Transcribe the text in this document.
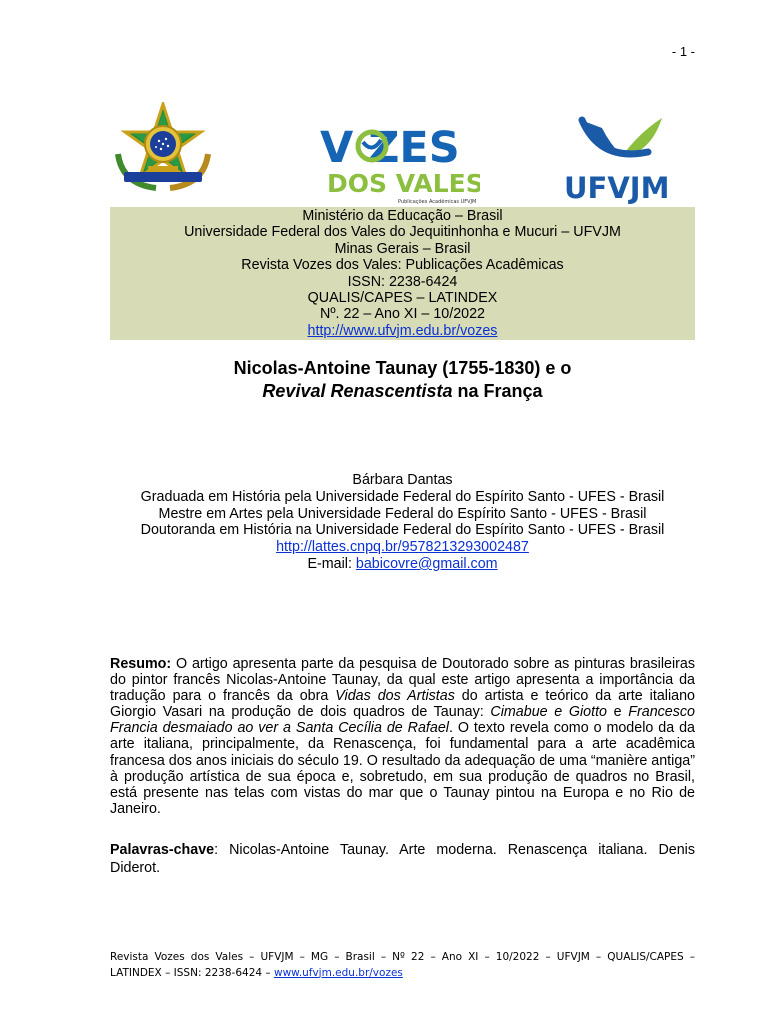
- 1 -
V ZES
DOS VALES
Publicações Acadêmicas UFVJM	UFVJM
Ministério da Educação – Brasil
Universidade Federal dos Vales do Jequitinhonha e Mucuri – UFVJM
Minas Gerais – Brasil
Revista Vozes dos Vales: Publicações Acadêmicas
ISSN: 2238-6424
QUALIS/CAPES – LATINDEX
Nº. 22 – Ano XI – 10/2022
http://www.ufvjm.edu.br/vozes
Nicolas-Antoine Taunay (1755-1830) e o
Revival Renascentista na França
Bárbara Dantas
Graduada em História pela Universidade Federal do Espírito Santo - UFES - Brasil
Mestre em Artes pela Universidade Federal do Espírito Santo - UFES - Brasil
Doutoranda em História na Universidade Federal do Espírito Santo - UFES - Brasil
http://lattes.cnpq.br/9578213293002487
E-mail: babicovre@gmail.com
Resumo: O artigo apresenta parte da pesquisa de Doutorado sobre as pinturas brasileiras do pintor francês Nicolas-Antoine Taunay, da qual este artigo apresenta a importância da tradução para o francês da obra Vidas dos Artistas do artista e teórico da arte italiano Giorgio Vasari na produção de dois quadros de Taunay: Cimabue e Giotto e Francesco Francia desmaiado ao ver a Santa Cecília de Rafael. O texto revela como o modelo da da arte italiana, principalmente, da Renascença, foi fundamental para a arte acadêmica francesa dos anos iniciais do século 19. O resultado da adequação de uma “manière antiga” à produção artística de sua época e, sobretudo, em sua produção de quadros no Brasil, está presente nas telas com vistas do mar que o Taunay pintou na Europa e no Rio de Janeiro.
Palavras-chave: Nicolas-Antoine Taunay. Arte moderna. Renascença italiana. Denis Diderot.
Revista Vozes dos Vales – UFVJM – MG – Brasil – Nº 22 – Ano XI – 10/2022 – UFVJM – QUALIS/CAPES –
LATINDEX – ISSN: 2238-6424 – www.ufvjm.edu.br/vozes
